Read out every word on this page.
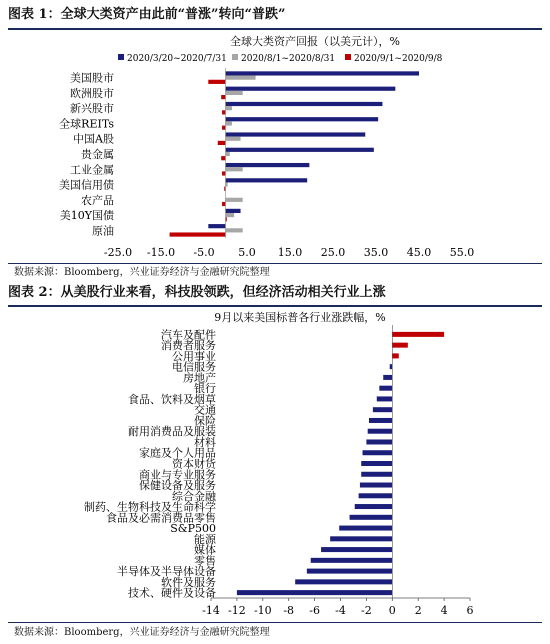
图表 1：全球大类资产由此前“普涨”转向“普跌”
全球大类资产回报（以美元计），%
2020/3/20~2020/7/31 2020/8/1~2020/8/31 2020/9/1~2020/9/8
美国股市
欧洲股市
新兴股市
全球REITs
中国A股
贵金属
工业金属
美国信用债
农产品
美10Y国债
原油
-25.0 -15.0 -5.0 5.0 15.0 25.0 35.0 45.0 55.0
数据来源：Bloomberg，兴业证券经济与金融研究院整理
图表 2：从美股行业来看，科技股领跌，但经济活动相关行业上涨
9月以来美国标普各行业涨跌幅，%
汽车及配件
消费者服务
公用事业
电信服务
房地产
银行
食品、饮料及烟草
交通
保险
耐用消费品及服装
材料
家庭及个人用品
资本财货
商业与专业服务
保健设备及服务
综合金融
制药、生物科技及生命科学
食品及必需消费品零售
S&P500
能源
媒体
零售
半导体及半导体设备
软件及服务
技术、硬件及设备
-14 -12 -10 -8 -6 -4 -2 0 2 4 6
数据来源：Bloomberg，兴业证券经济与金融研究院整理
